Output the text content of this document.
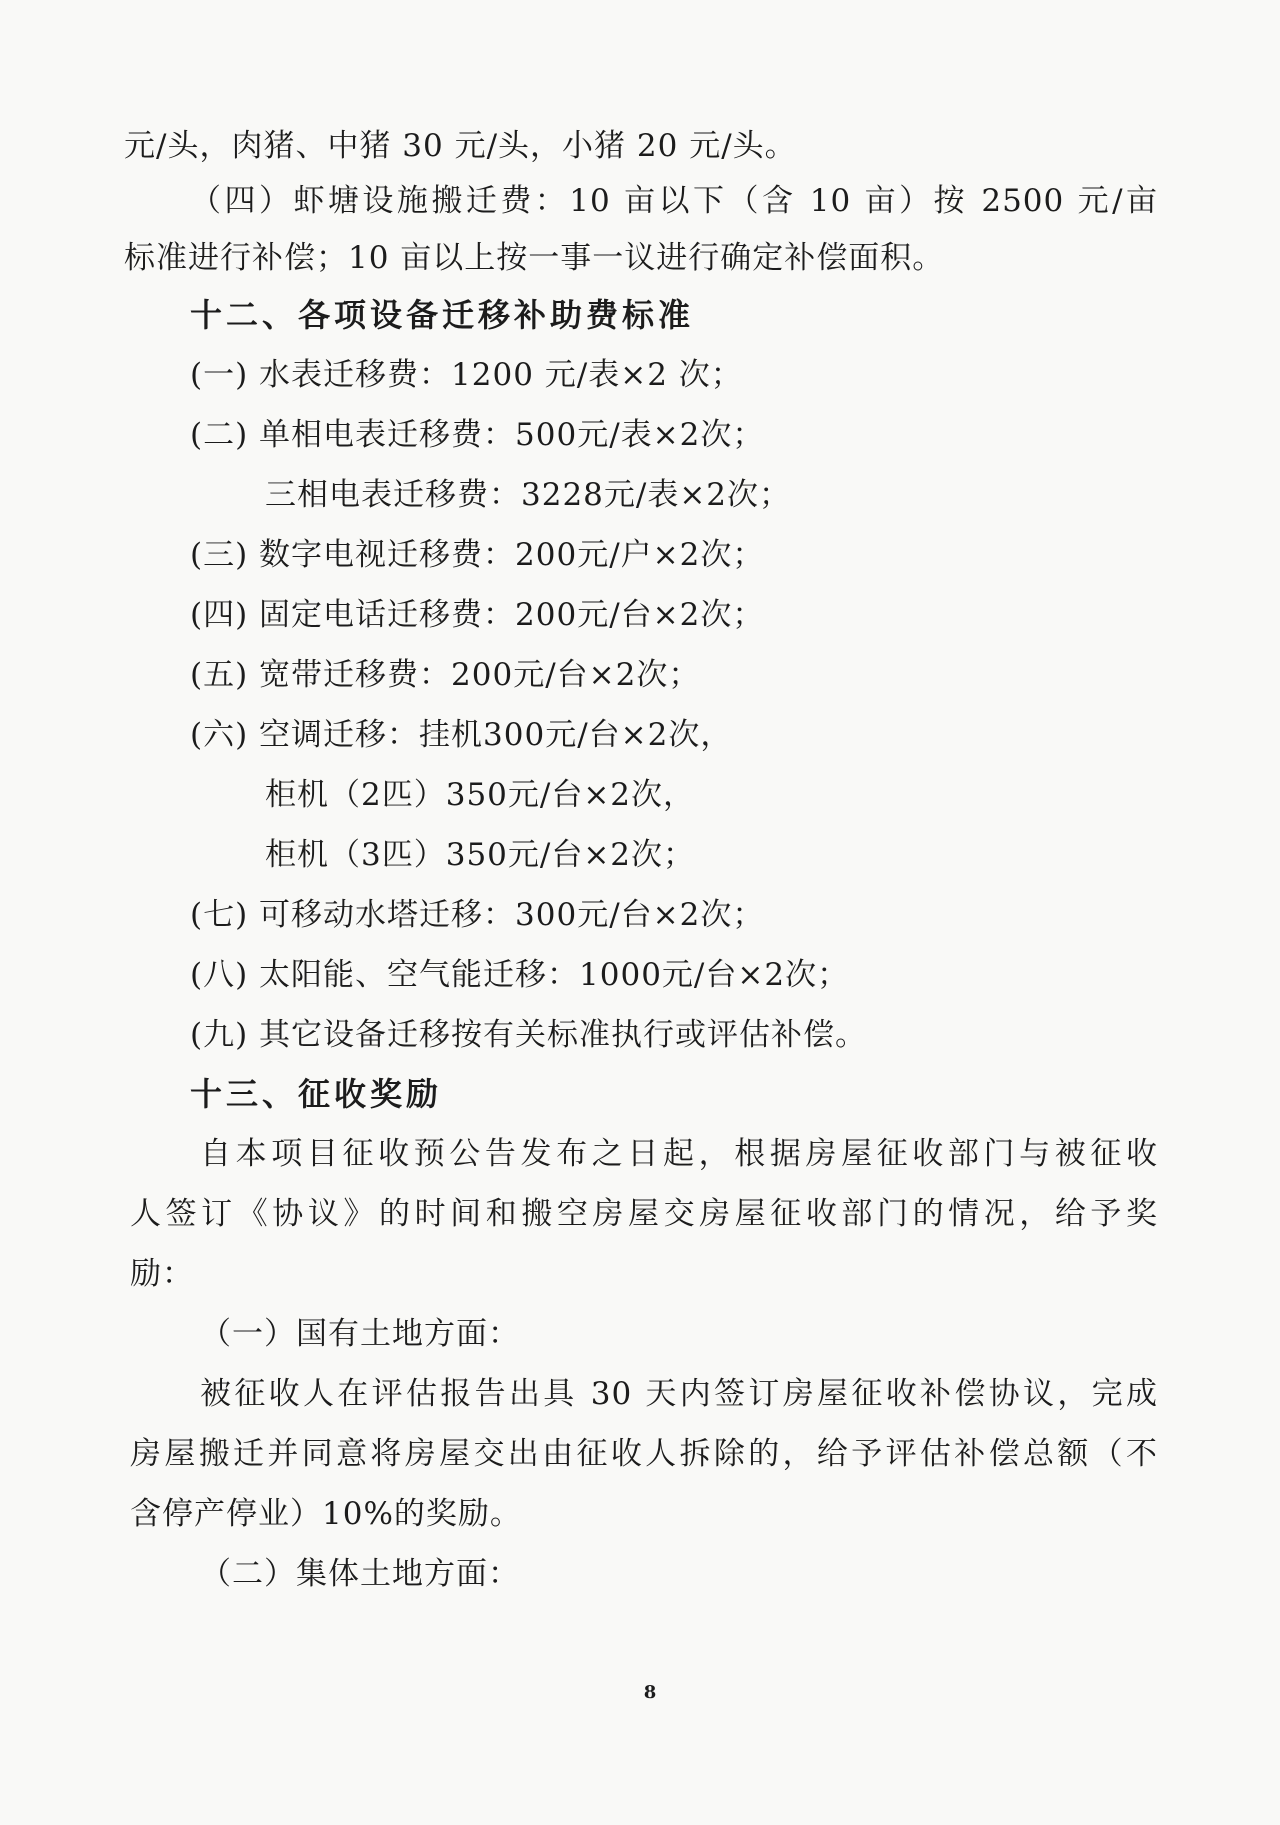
元/头，肉猪、中猪 30 元/头，小猪 20 元/头。
（四）虾塘设施搬迁费：10 亩以下（含 10 亩）按 2500 元/亩
标准进行补偿；10 亩以上按一事一议进行确定补偿面积。
十二、各项设备迁移补助费标准
(一) 水表迁移费：1200 元/表×2 次；
(二) 单相电表迁移费：500元/表×2次；
三相电表迁移费：3228元/表×2次；
(三) 数字电视迁移费：200元/户×2次；
(四) 固定电话迁移费：200元/台×2次；
(五) 宽带迁移费：200元/台×2次；
(六) 空调迁移：挂机300元/台×2次，
柜机（2匹）350元/台×2次，
柜机（3匹）350元/台×2次；
(七) 可移动水塔迁移：300元/台×2次；
(八) 太阳能、空气能迁移：1000元/台×2次；
(九) 其它设备迁移按有关标准执行或评估补偿。
十三、征收奖励
自本项目征收预公告发布之日起，根据房屋征收部门与被征收
人签订《协议》的时间和搬空房屋交房屋征收部门的情况，给予奖
励：
（一）国有土地方面：
被征收人在评估报告出具 30 天内签订房屋征收补偿协议，完成
房屋搬迁并同意将房屋交出由征收人拆除的，给予评估补偿总额（不
含停产停业）10%的奖励。
（二）集体土地方面：
8
